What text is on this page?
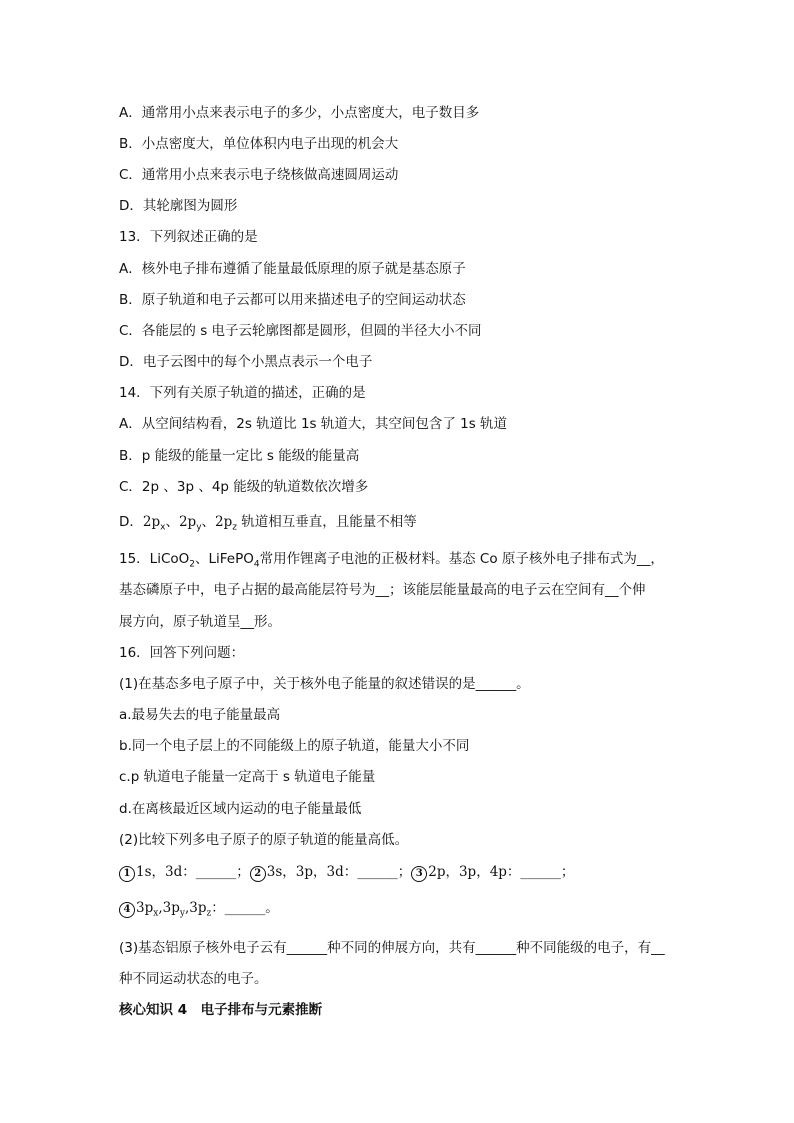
A．通常用小点来表示电子的多少，小点密度大，电子数目多
B．小点密度大，单位体积内电子出现的机会大
C．通常用小点来表示电子绕核做高速圆周运动
D．其轮廓图为圆形
13．下列叙述正确的是
A．核外电子排布遵循了能量最低原理的原子就是基态原子
B．原子轨道和电子云都可以用来描述电子的空间运动状态
C．各能层的 s 电子云轮廓图都是圆形，但圆的半径大小不同
D．电子云图中的每个小黑点表示一个电子
14．下列有关原子轨道的描述，正确的是
A．从空间结构看，2s 轨道比 1s 轨道大，其空间包含了 1s 轨道
B．p 能级的能量一定比 s 能级的能量高
C．2p 、3p 、4p 能级的轨道数依次增多
D．$2p_x$、$2p_y$、$2p_z$ 轨道相互垂直，且能量不相等
15．LiCoO$_2$、LiFePO$_4$常用作锂离子电池的正极材料。基态 Co 原子核外电子排布式为__，
基态磷原子中，电子占据的最高能层符号为__；该能层能量最高的电子云在空间有__个伸
展方向，原子轨道呈__形。
16．回答下列问题：
(1)在基态多电子原子中，关于核外电子能量的叙述错误的是______。
a.最易失去的电子能量最高
b.同一个电子层上的不同能级上的原子轨道，能量大小不同
c.p 轨道电子能量一定高于 s 轨道电子能量
d.在离核最近区域内运动的电子能量最低
(2)比较下列多电子原子的原子轨道的能量高低。
1 1s，3d：______； 2 3s，3p，3d：______； 3 2p，3p，4p：______；
4 $3p_x,3p_y,3p_z$：______。
(3)基态铝原子核外电子云有______种不同的伸展方向，共有______种不同能级的电子，有__
种不同运动状态的电子。
核心知识 4　电子排布与元素推断
